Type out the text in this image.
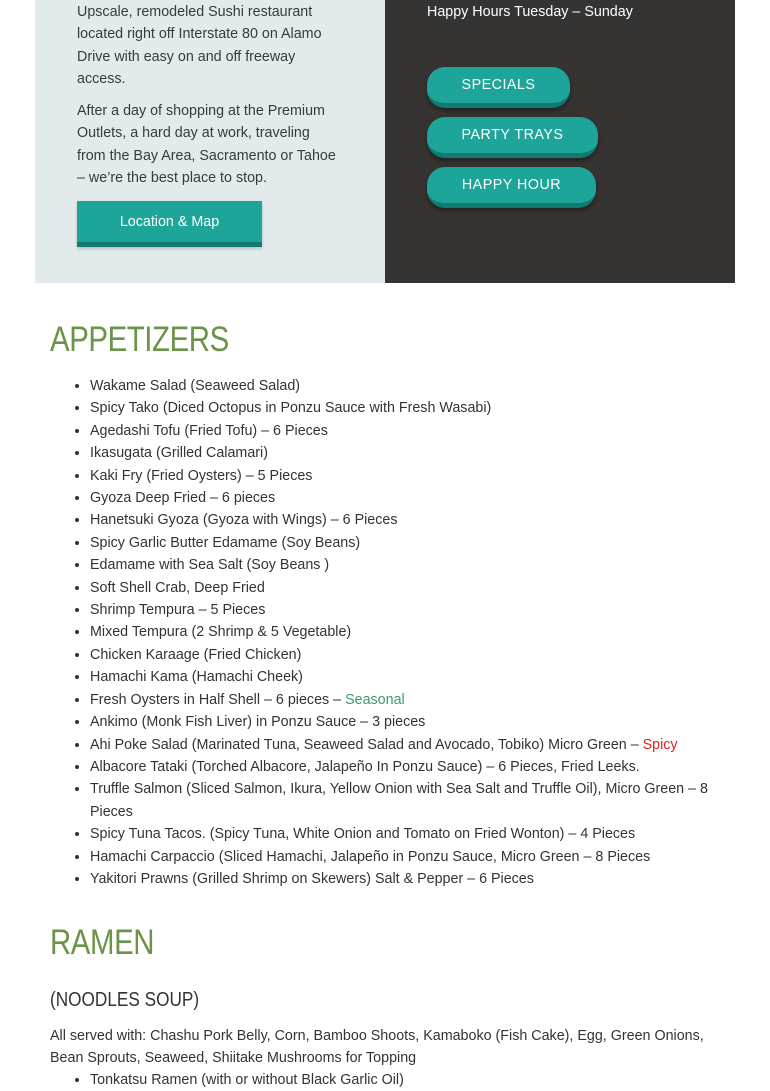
Upscale, remodeled Sushi restaurant located right off Interstate 80 on Alamo Drive with easy on and off freeway access.

After a day of shopping at the Premium Outlets, a hard day at work, traveling from the Bay Area, Sacramento or Tahoe – we’re the best place to stop.

Location & Map

Happy Hours Tuesday – Sunday

SPECIALS
PARTY TRAYS
HAPPY HOUR
APPETIZERS
• Wakame Salad (Seaweed Salad)
• Spicy Tako (Diced Octopus in Ponzu Sauce with Fresh Wasabi)
• Agedashi Tofu (Fried Tofu) – 6 Pieces
• Ikasugata (Grilled Calamari)
• Kaki Fry (Fried Oysters) – 5 Pieces
• Gyoza Deep Fried – 6 pieces
• Hanetsuki Gyoza (Gyoza with Wings) – 6 Pieces
• Spicy Garlic Butter Edamame (Soy Beans)
• Edamame with Sea Salt (Soy Beans )
• Soft Shell Crab, Deep Fried
• Shrimp Tempura – 5 Pieces
• Mixed Tempura (2 Shrimp & 5 Vegetable)
• Chicken Karaage (Fried Chicken)
• Hamachi Kama (Hamachi Cheek)
• Fresh Oysters in Half Shell – 6 pieces – Seasonal
• Ankimo (Monk Fish Liver) in Ponzu Sauce – 3 pieces
• Ahi Poke Salad (Marinated Tuna, Seaweed Salad and Avocado, Tobiko) Micro Green – Spicy
• Albacore Tataki (Torched Albacore, Jalapeño In Ponzu Sauce) – 6 Pieces, Fried Leeks.
• Truffle Salmon (Sliced Salmon, Ikura, Yellow Onion with Sea Salt and Truffle Oil), Micro Green – 8 Pieces
• Spicy Tuna Tacos. (Spicy Tuna, White Onion and Tomato on Fried Wonton) – 4 Pieces
• Hamachi Carpaccio (Sliced Hamachi, Jalapeño in Ponzu Sauce, Micro Green – 8 Pieces
• Yakitori Prawns (Grilled Shrimp on Skewers) Salt & Pepper – 6 Pieces
RAMEN
(NOODLES SOUP)

All served with: Chashu Pork Belly, Corn, Bamboo Shoots, Kamaboko (Fish Cake), Egg, Green Onions, Bean Sprouts, Seaweed, Shiitake Mushrooms for Topping

• Tonkatsu Ramen (with or without Black Garlic Oil)
